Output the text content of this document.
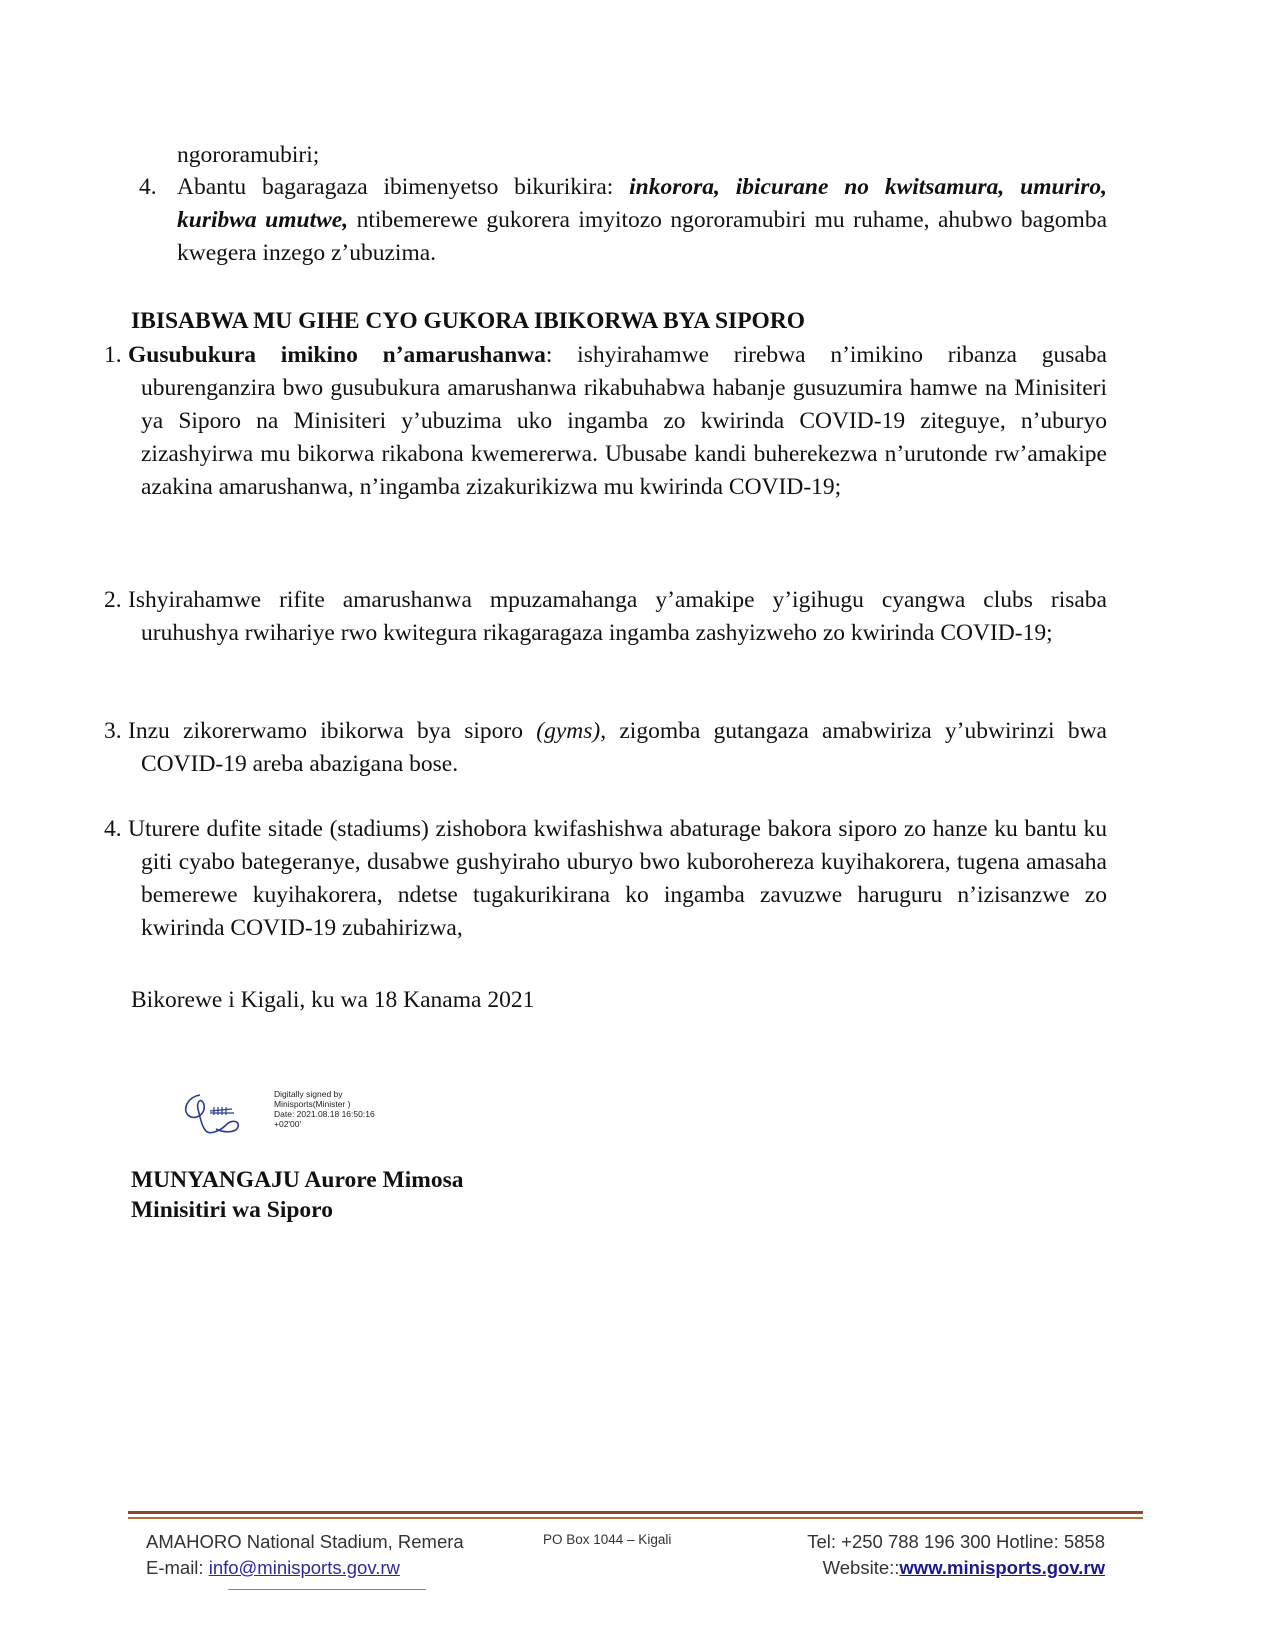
ngororamubiri;
4. Abantu bagaragaza ibimenyetso bikurikira: inkorora, ibicurane no kwitsamura, umuriro, kuribwa umutwe, ntibemerewe gukorera imyitozo ngororamubiri mu ruhame, ahubwo bagomba kwegera inzego z’ubuzima.
IBISABWA MU GIHE CYO GUKORA IBIKORWA BYA SIPORO
1. Gusubukura imikino n’amarushanwa: ishyirahamwe rirebwa n’imikino ribanza gusaba uburenganzira bwo gusubukura amarushanwa rikabuhabwa habanje gusuzumira hamwe na Minisiteri ya Siporo na Minisiteri y’ubuzima uko ingamba zo kwirinda COVID-19 ziteguye, n’uburyo zizashyirwa mu bikorwa rikabona kwemererwa. Ubusabe kandi buherekezwa n’urutonde rw’amakipe azakina amarushanwa, n’ingamba zizakurikizwa mu kwirinda COVID-19;
2. Ishyirahamwe rifite amarushanwa mpuzamahanga y’amakipe y’igihugu cyangwa clubs risaba uruhushya rwihariye rwo kwitegura rikagaragaza ingamba zashyizweho zo kwirinda COVID-19;
3. Inzu zikorerwamo ibikorwa bya siporo (gyms), zigomba gutangaza amabwiriza y’ubwirinzi bwa COVID-19 areba abazigana bose.
4. Uturere dufite sitade (stadiums) zishobora kwifashishwa abaturage bakora siporo zo hanze ku bantu ku giti cyabo bategeranye, dusabwe gushyiraho uburyo bwo kuborohereza kuyihakorera, tugena amasaha bemerewe kuyihakorera, ndetse tugakurikirana ko ingamba zavuzwe haruguru n’izisanzwe zo kwirinda COVID-19 zubahirizwa,
Bikorewe i Kigali, ku wa 18 Kanama 2021
Digitally signed by
Minisports(Minister )
Date: 2021.08.18 16:50:16
+02'00'
MUNYANGAJU Aurore Mimosa
Minisitiri wa Siporo
AMAHORO National Stadium, Remera
E-mail: info@minisports.gov.rw
PO Box 1044 – Kigali	Tel: +250 788 196 300 Hotline: 5858
Website::www.minisports.gov.rw
